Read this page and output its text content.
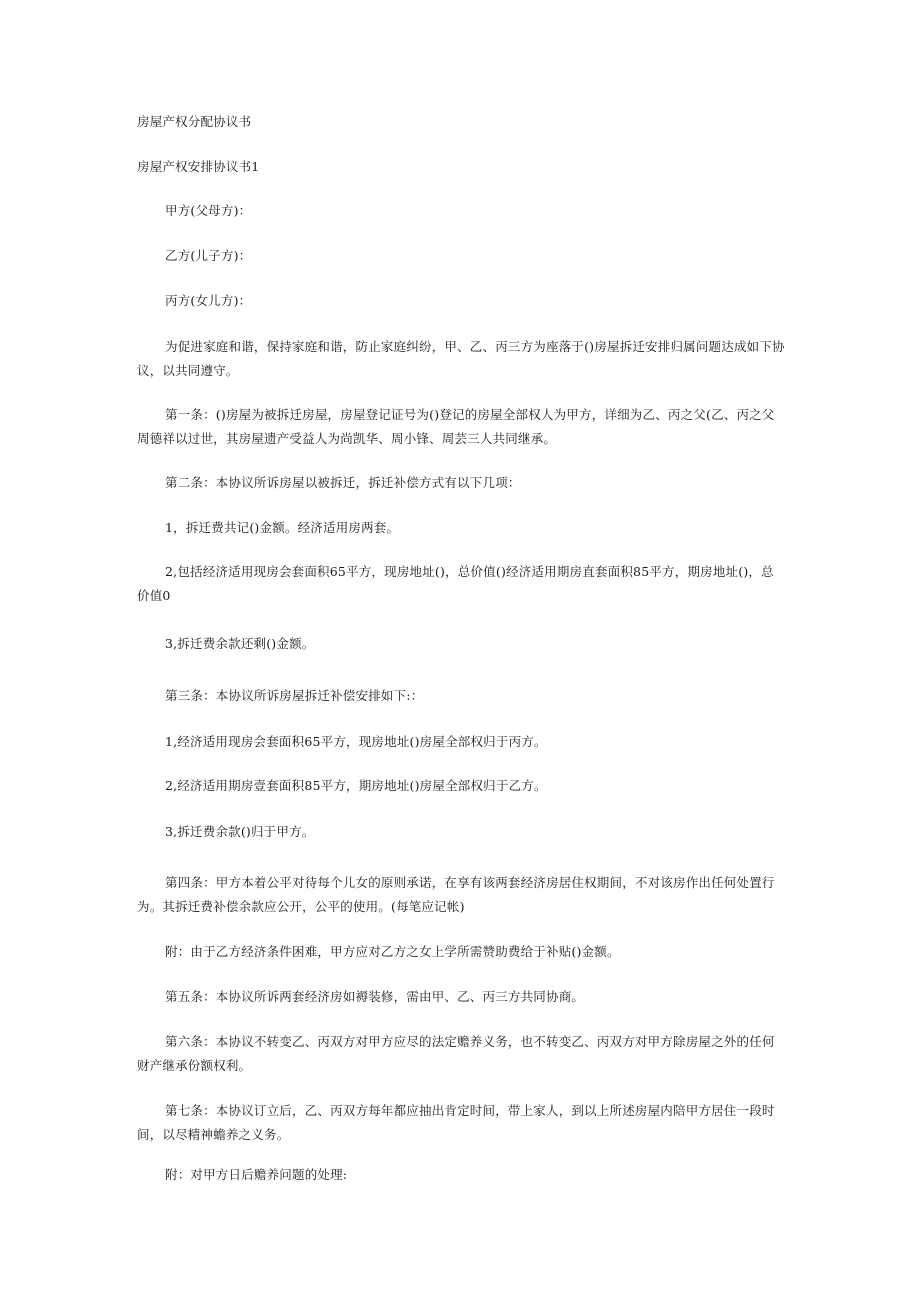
房屋产权分配协议书
房屋产权安排协议书1
甲方(父母方)：
乙方(儿子方)：
丙方(女儿方)：
为促进家庭和谐，保持家庭和谐，防止家庭纠纷，甲、乙、丙三方为座落于()房屋拆迁安排归属问题达成如下协议，以共同遵守。
第一条：()房屋为被拆迁房屋，房屋登记证号为()登记的房屋全部权人为甲方，详细为乙、丙之父(乙、丙之父周德祥以过世，其房屋遗产受益人为尚凯华、周小锋、周芸三人共同继承。
第二条：本协议所诉房屋以被拆迁，拆迁补偿方式有以下几项：
1，拆迁费共记()金额。经济适用房两套。
2,包括经济适用现房会套面积65平方，现房地址()，总价值()经济适用期房直套面积85平方，期房地址()，总价值0
3,拆迁费余款还剩()金额。
第三条：本协议所诉房屋拆迁补偿安排如下:：
1,经济适用现房会套面积65平方，现房地址()房屋全部权归于丙方。
2,经济适用期房壹套面积85平方，期房地址()房屋全部权归于乙方。
3,拆迁费余款()归于甲方。
第四条：甲方本着公平对待每个儿女的原则承诺，在享有该两套经济房居住权期间，不对该房作出任何处置行为。其拆迁费补偿余款应公开，公平的使用。(每笔应记帐)
附：由于乙方经济条件困难，甲方应对乙方之女上学所需赞助费给于补贴()金额。
第五条：本协议所诉两套经济房如褥装修，需由甲、乙、丙三方共同协商。
第六条：本协议不转变乙、丙双方对甲方应尽的法定赡养义务，也不转变乙、丙双方对甲方除房屋之外的任何财产继承份额权利。
第七条：本协议订立后，乙、丙双方每年都应抽出肯定时间，带上家人，到以上所述房屋内陪甲方居住一段时间，以尽精神蟾养之义务。
附：对甲方日后赡养问题的处理:
